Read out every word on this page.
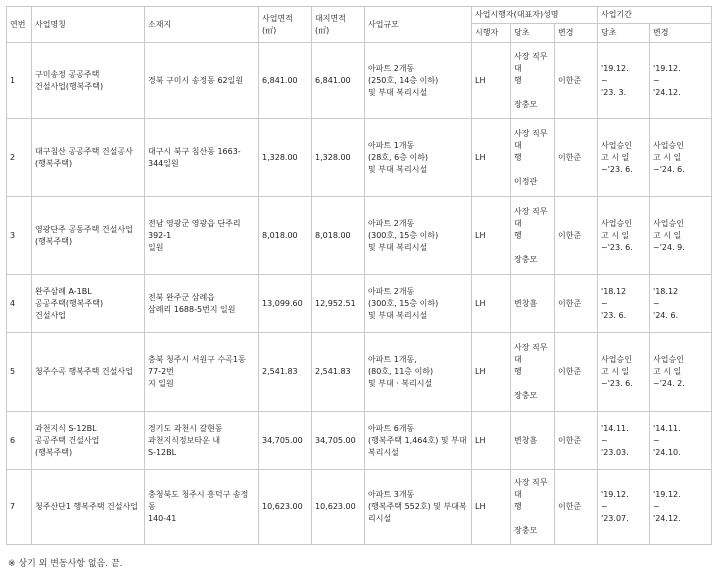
연번	사업명칭	소재지	사업면적
(㎡)	대지면적
(㎡)	사업규모	사업시행자(대표자)성명			사업기간	
						시행자	당초	변경	당초	변경
1	구미송정 공공주택
건설사업(행복주택)	경북 구미시 송정동 62일원	6,841.00	6,841.00	아파트 2개동
(250호, 14층 이하)
및 부대 복리시설	LH	사장 직무대
행

장충모	이한준	'19.12.
~
'23. 3.	'19.12.
~
'24.12.
2	대구침산 공공주택 건설공사
(행복주택)	대구시 북구 침산동 1663-344일원	1,328.00	1,328.00	아파트 1개동
(28호, 6층 이하)
및 부대 복리시설	LH	사장 직무대
행

이정관	이한준	사업승인
고 시 일
~'23. 6.	사업승인
고 시 일
~'24. 6.
3	영광단주 공동주택 건설사업
(행복주택)	전남 영광군 영광읍 단주리 392-1
일원	8,018.00	8,018.00	아파트 2개동
(300호, 15층 이하)
및 부대 복리시설	LH	사장 직무대
행

장충모	이한준	사업승인
고 시 일
~'23. 6.	사업승인
고 시 일
~'24. 9.
4	완주삼례 A-1BL
공공주택(행복주택)
건설사업	전북 완주군 삼례읍
삼례리 1688-5번지 일원	13,099.60	12,952.51	아파트 2개동
(300호, 15층 이하)
및 부대 복리시설	LH	변창흠	이한준	'18.12
~
'23. 6.	'18.12
~
'24. 6.
5	청주수곡 행복주택 건설사업	충북 청주시 서원구 수곡1동 77-2번
지 일원	2,541.83	2,541.83	아파트 1개동,
(80호, 11층 이하)
및 부대 · 복리시설	LH	사장 직무대
행

장충모	이한준	사업승인
고 시 일
~'23. 6.	사업승인
고 시 일
~'24. 2.
6	과천지식 S-12BL
공공주택 건설사업
(행복주택)	경기도 과천시 갈현동
과천지식정보타운 내
S-12BL	34,705.00	34,705.00	아파트 6개동
(행복주택 1,464호) 및 부대복리시설	LH	변창흠	이한준	'14.11.
~
'23.03.	'14.11.
~
'24.10.
7	청주산단1 행복주택 건설사업	충청북도 청주시 흥덕구 송정동
140-41	10,623.00	10,623.00	아파트 3개동
(행복주택 552호) 및 부대복리시설	LH	사장 직무대
행

장충모	이한준	'19.12.
~
'23.07.	'19.12.
~
'24.12.
※ 상기 외 변동사항 없음. 끝.
